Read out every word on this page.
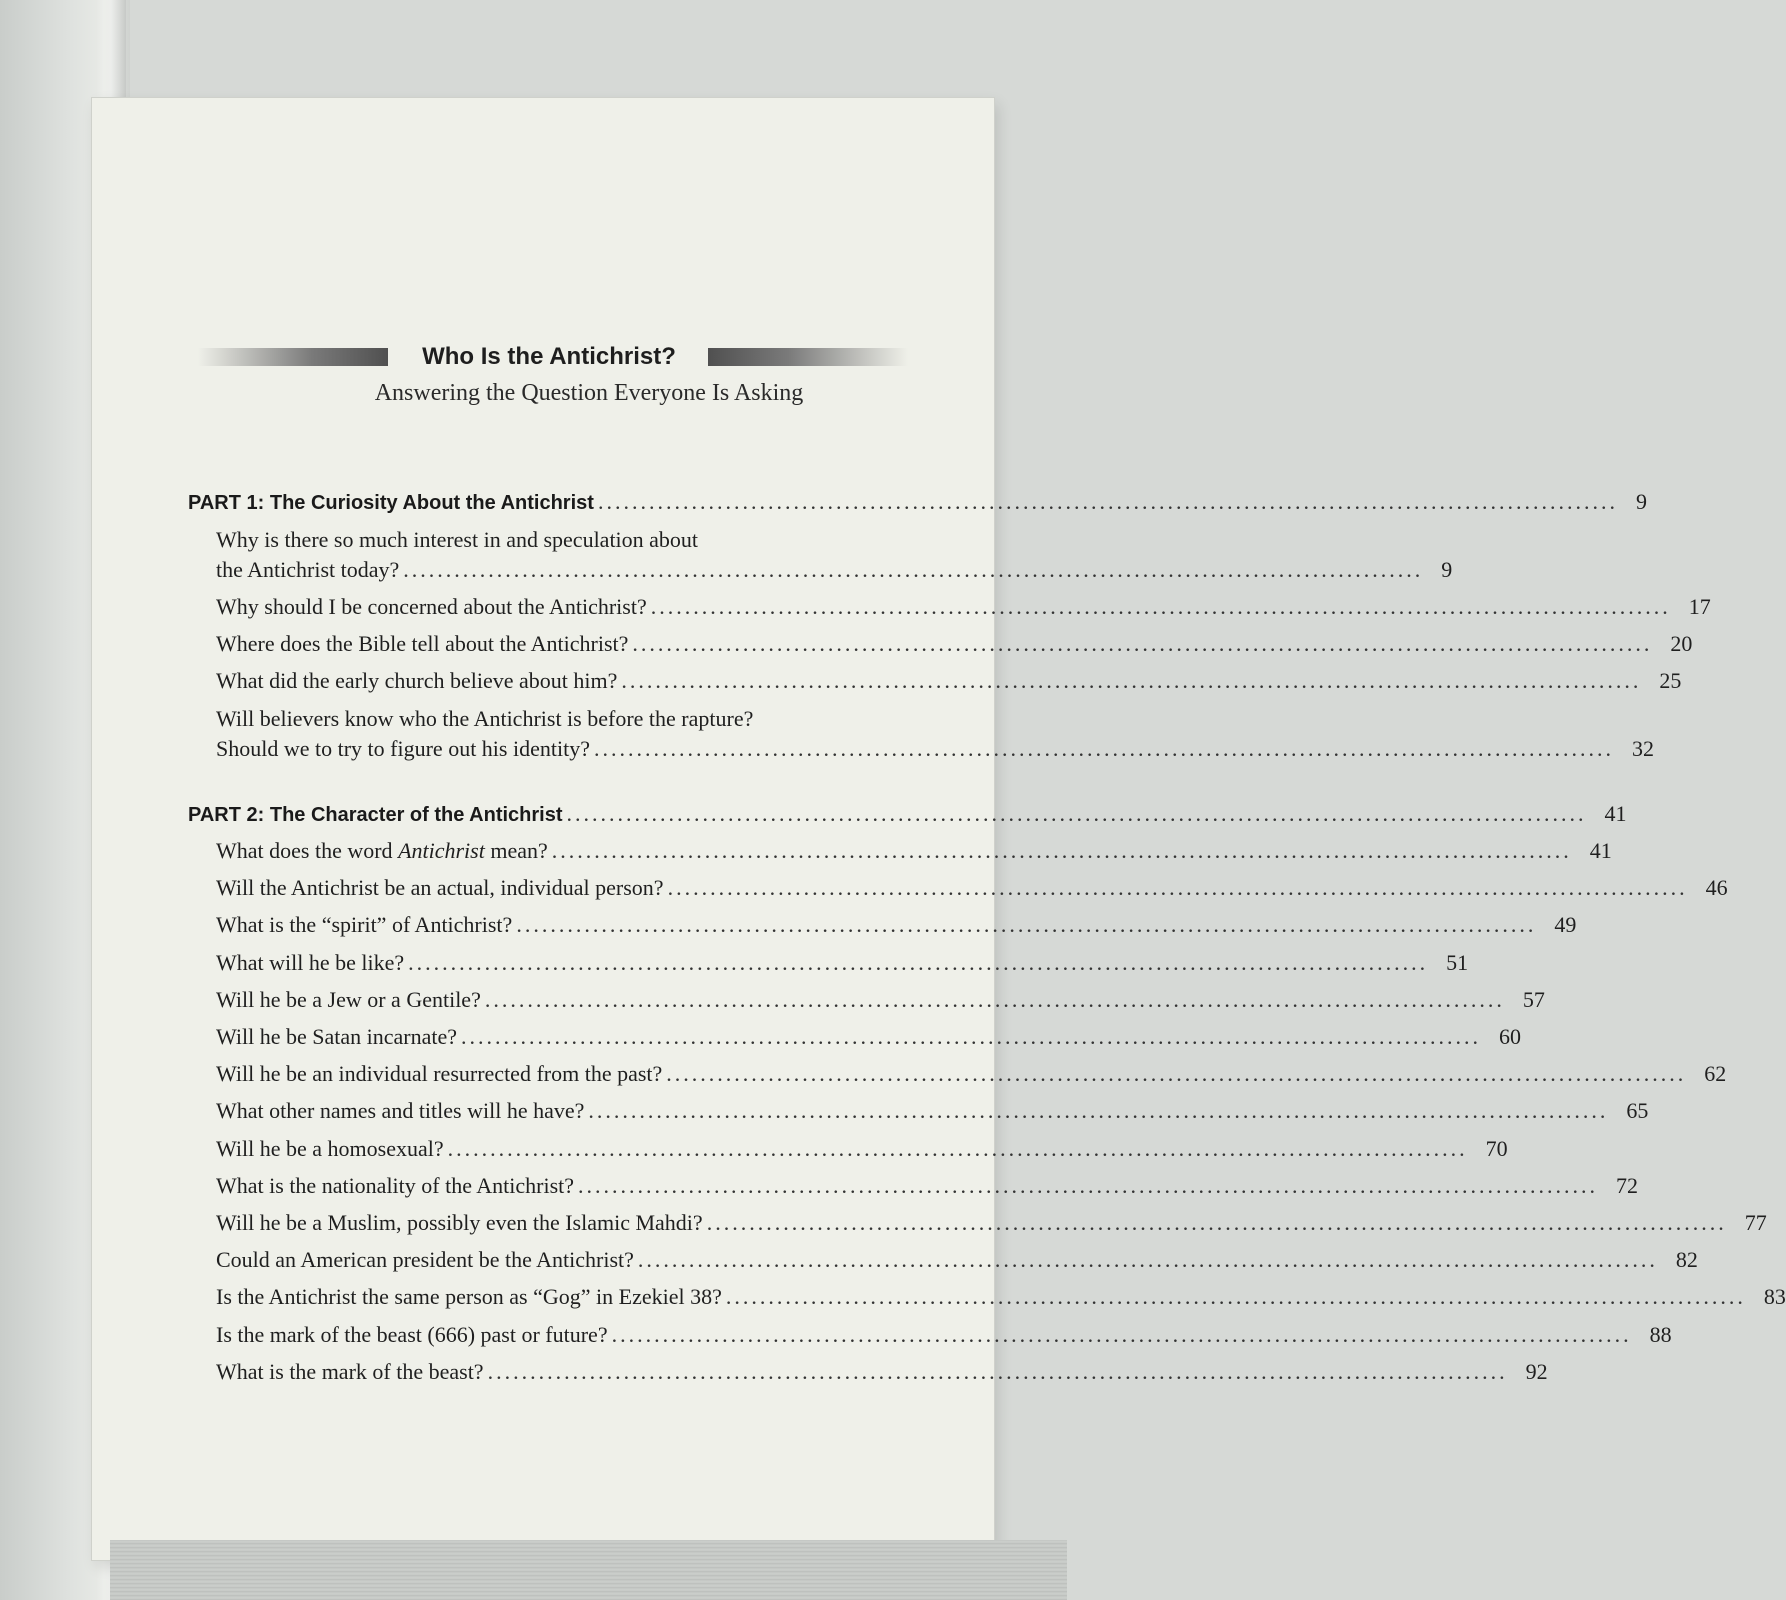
Who Is the Antichrist?
Answering the Question Everyone Is Asking
PART 1: The Curiosity About the Antichrist ........................................................................................................................ 9
Why is there so much interest in and speculation about
the Antichrist today? ........................................................................................................................ 9
Why should I be concerned about the Antichrist? ........................................................................................................................ 17
Where does the Bible tell about the Antichrist? ........................................................................................................................ 20
What did the early church believe about him? ........................................................................................................................ 25
Will believers know who the Antichrist is before the rapture?
Should we to try to figure out his identity? ........................................................................................................................ 32
PART 2: The Character of the Antichrist ........................................................................................................................ 41
What does the word Antichrist mean? ........................................................................................................................ 41
Will the Antichrist be an actual, individual person? ........................................................................................................................ 46
What is the “spirit” of Antichrist? ........................................................................................................................ 49
What will he be like? ........................................................................................................................ 51
Will he be a Jew or a Gentile? ........................................................................................................................ 57
Will he be Satan incarnate? ........................................................................................................................ 60
Will he be an individual resurrected from the past? ........................................................................................................................ 62
What other names and titles will he have? ........................................................................................................................ 65
Will he be a homosexual? ........................................................................................................................ 70
What is the nationality of the Antichrist? ........................................................................................................................ 72
Will he be a Muslim, possibly even the Islamic Mahdi? ........................................................................................................................ 77
Could an American president be the Antichrist? ........................................................................................................................ 82
Is the Antichrist the same person as “Gog” in Ezekiel 38? ........................................................................................................................ 83
Is the mark of the beast (666) past or future? ........................................................................................................................ 88
What is the mark of the beast? ........................................................................................................................ 92
